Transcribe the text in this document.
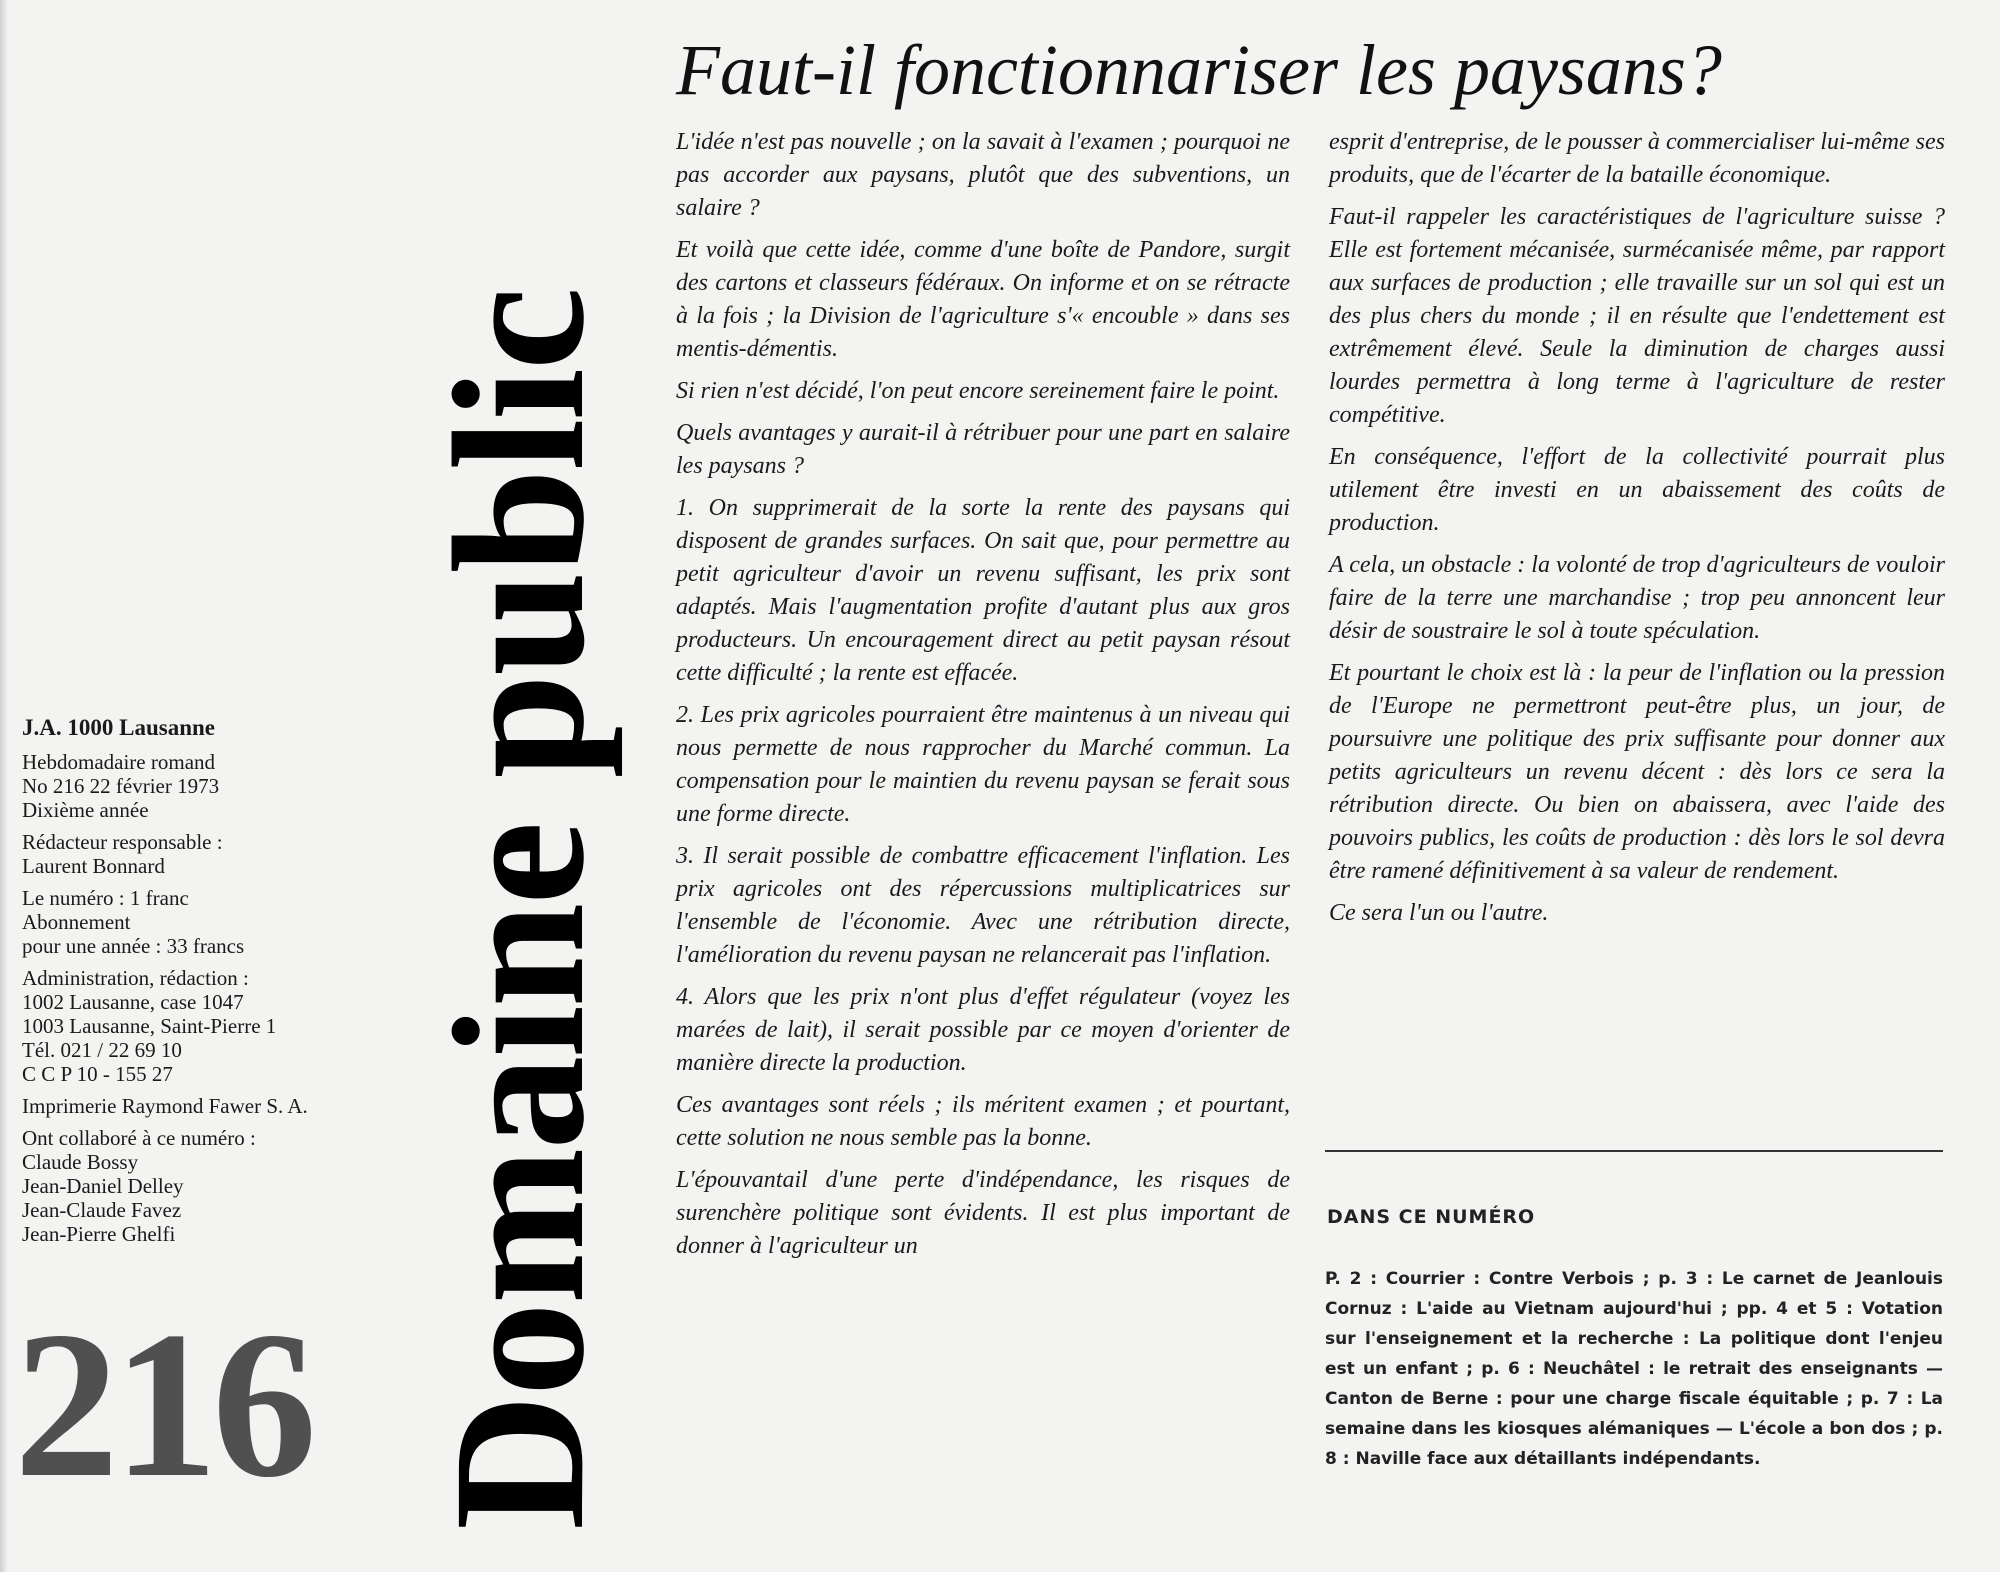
J.A. 1000 Lausanne
Hebdomadaire romand
No 216 22 février 1973
Dixième année
Rédacteur responsable :
Laurent Bonnard
Le numéro : 1 franc
Abonnement
pour une année : 33 francs
Administration, rédaction :
1002 Lausanne, case 1047
1003 Lausanne, Saint-Pierre 1
Tél. 021 / 22 69 10
C C P 10 - 155 27
Imprimerie Raymond Fawer S. A.
Ont collaboré à ce numéro :
Claude Bossy
Jean-Daniel Delley
Jean-Claude Favez
Jean-Pierre Ghelfi
216 Domaine public
Faut-il fonctionnariser les paysans?

L'idée n'est pas nouvelle ; on la savait à l'examen ; pourquoi ne pas accorder aux paysans, plutôt que des subventions, un salaire ?

Et voilà que cette idée, comme d'une boîte de Pandore, surgit des cartons et classeurs fédéraux. On informe et on se rétracte à la fois ; la Division de l'agriculture s'« encouble » dans ses mentis-démentis.

Si rien n'est décidé, l'on peut encore sereinement faire le point.

Quels avantages y aurait-il à rétribuer pour une part en salaire les paysans ?

1. On supprimerait de la sorte la rente des paysans qui disposent de grandes surfaces. On sait que, pour permettre au petit agriculteur d'avoir un revenu suffisant, les prix sont adaptés. Mais l'augmentation profite d'autant plus aux gros producteurs. Un encouragement direct au petit paysan résout cette difficulté ; la rente est effacée.

2. Les prix agricoles pourraient être maintenus à un niveau qui nous permette de nous rapprocher du Marché commun. La compensation pour le maintien du revenu paysan se ferait sous une forme directe.

3. Il serait possible de combattre efficacement l'inflation. Les prix agricoles ont des répercussions multiplicatrices sur l'ensemble de l'économie. Avec une rétribution directe, l'amélioration du revenu paysan ne relancerait pas l'inflation.

4. Alors que les prix n'ont plus d'effet régulateur (voyez les marées de lait), il serait possible par ce moyen d'orienter de manière directe la production.

Ces avantages sont réels ; ils méritent examen ; et pourtant, cette solution ne nous semble pas la bonne.

L'épouvantail d'une perte d'indépendance, les risques de surenchère politique sont évidents. Il est plus important de donner à l'agriculteur un

esprit d'entreprise, de le pousser à commercialiser lui-même ses produits, que de l'écarter de la bataille économique.

Faut-il rappeler les caractéristiques de l'agriculture suisse ? Elle est fortement mécanisée, surmécanisée même, par rapport aux surfaces de production ; elle travaille sur un sol qui est un des plus chers du monde ; il en résulte que l'endettement est extrêmement élevé. Seule la diminution de charges aussi lourdes permettra à long terme à l'agriculture de rester compétitive.

En conséquence, l'effort de la collectivité pourrait plus utilement être investi en un abaissement des coûts de production.

A cela, un obstacle : la volonté de trop d'agriculteurs de vouloir faire de la terre une marchandise ; trop peu annoncent leur désir de soustraire le sol à toute spéculation.

Et pourtant le choix est là : la peur de l'inflation ou la pression de l'Europe ne permettront peut-être plus, un jour, de poursuivre une politique des prix suffisante pour donner aux petits agriculteurs un revenu décent : dès lors ce sera la rétribution directe. Ou bien on abaissera, avec l'aide des pouvoirs publics, les coûts de production : dès lors le sol devra être ramené définitivement à sa valeur de rendement.

Ce sera l'un ou l'autre.

DANS CE NUMÉRO
P. 2 : Courrier : Contre Verbois ; p. 3 : Le carnet de Jeanlouis Cornuz : L'aide au Vietnam aujourd'hui ; pp. 4 et 5 : Votation sur l'enseignement et la recherche : La politique dont l'enjeu est un enfant ; p. 6 : Neuchâtel : le retrait des enseignants — Canton de Berne : pour une charge fiscale équitable ; p. 7 : La semaine dans les kiosques alémaniques — L'école a bon dos ; p. 8 : Naville face aux détaillants indépendants.
